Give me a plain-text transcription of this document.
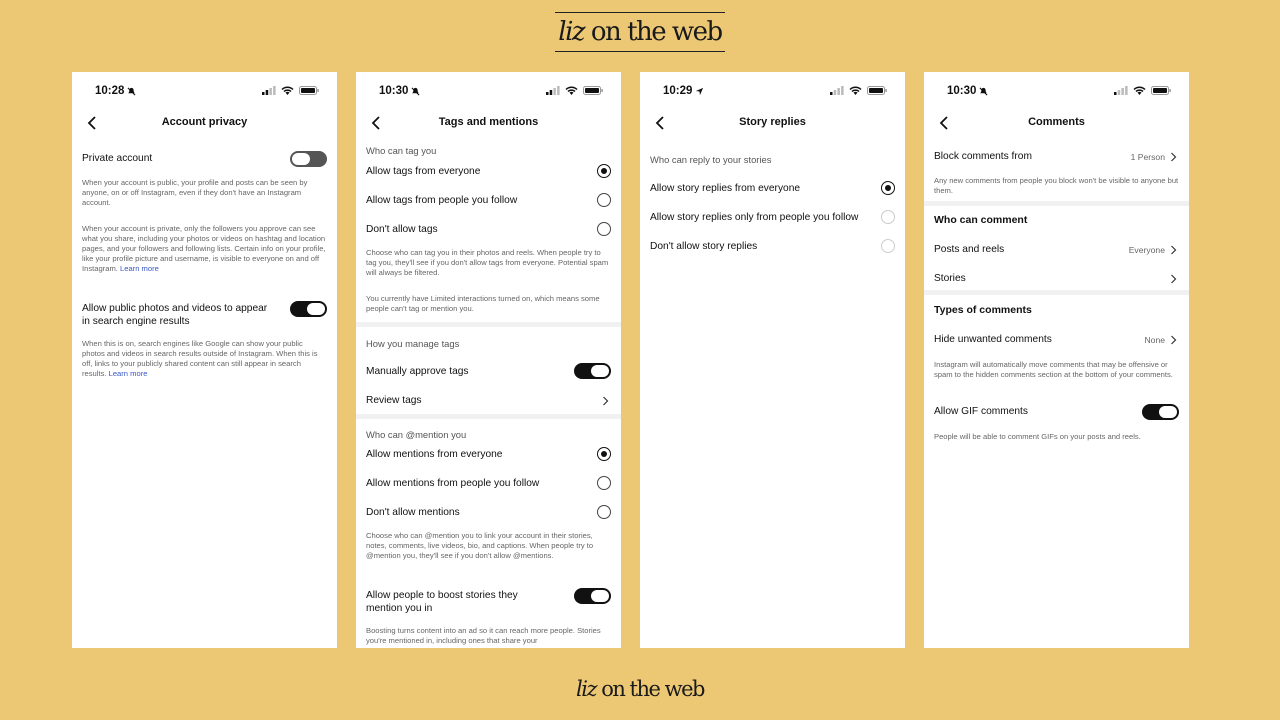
liz on the web
10:28
Account privacy
Private account
When your account is public, your profile and posts can be seen by anyone, on or off Instagram, even if they don't have an Instagram account.
When your account is private, only the followers you approve can see what you share, including your photos or videos on hashtag and location pages, and your followers and following lists. Certain info on your profile, like your profile picture and username, is visible to everyone on and off Instagram. Learn more
Allow public photos and videos to appear in search engine results
When this is on, search engines like Google can show your public photos and videos in search results outside of Instagram. When this is off, links to your publicly shared content can still appear in search results. Learn more
10:30
Tags and mentions
Who can tag you
Allow tags from everyone
Allow tags from people you follow
Don't allow tags
Choose who can tag you in their photos and reels. When people try to tag you, they'll see if you don't allow tags from everyone. Potential spam will always be filtered.
You currently have Limited interactions turned on, which means some people can't tag or mention you.
How you manage tags
Manually approve tags
Review tags
Who can @mention you
Allow mentions from everyone
Allow mentions from people you follow
Don't allow mentions
Choose who can @mention you to link your account in their stories, notes, comments, live videos, bio, and captions. When people try to @mention you, they'll see if you don't allow @mentions.
Allow people to boost stories they mention you in
Boosting turns content into an ad so it can reach more people. Stories you're mentioned in, including ones that share your
10:29
Story replies
Who can reply to your stories
Allow story replies from everyone
Allow story replies only from people you follow
Don't allow story replies
10:30
Comments
Block comments from	1 Person
Any new comments from people you block won't be visible to anyone but them.
Who can comment
Posts and reels	Everyone
Stories
Types of comments
Hide unwanted comments	None
Instagram will automatically move comments that may be offensive or spam to the hidden comments section at the bottom of your comments.
Allow GIF comments
People will be able to comment GIFs on your posts and reels.
liz on the web
